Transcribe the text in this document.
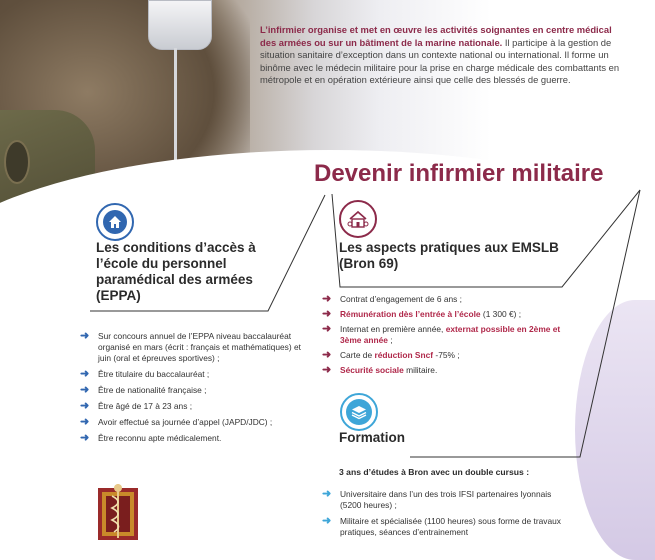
L’infirmier organise et met en œuvre les activités soignantes en centre médical des armées ou sur un bâtiment de la marine nationale. Il participe à la gestion de situation sanitaire d’exception dans un contexte national ou international. Il forme un binôme avec le médecin militaire pour la prise en charge médicale des combattants en métropole et en opération extérieure ainsi que celle des blessés de guerre.

Devenir infirmier militaire
Les conditions d’accès à l’école du personnel paramédical des armées (EPPA)
➜ Sur concours annuel de l’EPPA niveau baccalauréat organisé en mars (écrit : français et mathématiques) et juin (oral et épreuves sportives) ;
➜ Être titulaire du baccalauréat ;
➜ Être de nationalité française ;
➜ Être âgé de 17 à 23 ans ;
➜ Avoir effectué sa journée d’appel (JAPD/JDC) ;
➜ Être reconnu apte médicalement.
Les aspects pratiques aux EMSLB (Bron 69)
➜ Contrat d’engagement de 6 ans ;
➜ Rémunération dès l’entrée à l’école (1 300 €) ;
➜ Internat en première année, externat possible en 2ème et 3ème année ;
➜ Carte de réduction Sncf -75% ;
➜ Sécurité sociale militaire.
Formation
3 ans d’études à Bron avec un double cursus :
➜ Universitaire dans l’un des trois IFSI partenaires lyonnais (5200 heures) ;
➜ Militaire et spécialisée (1100 heures) sous forme de travaux pratiques, séances d’entrainement
